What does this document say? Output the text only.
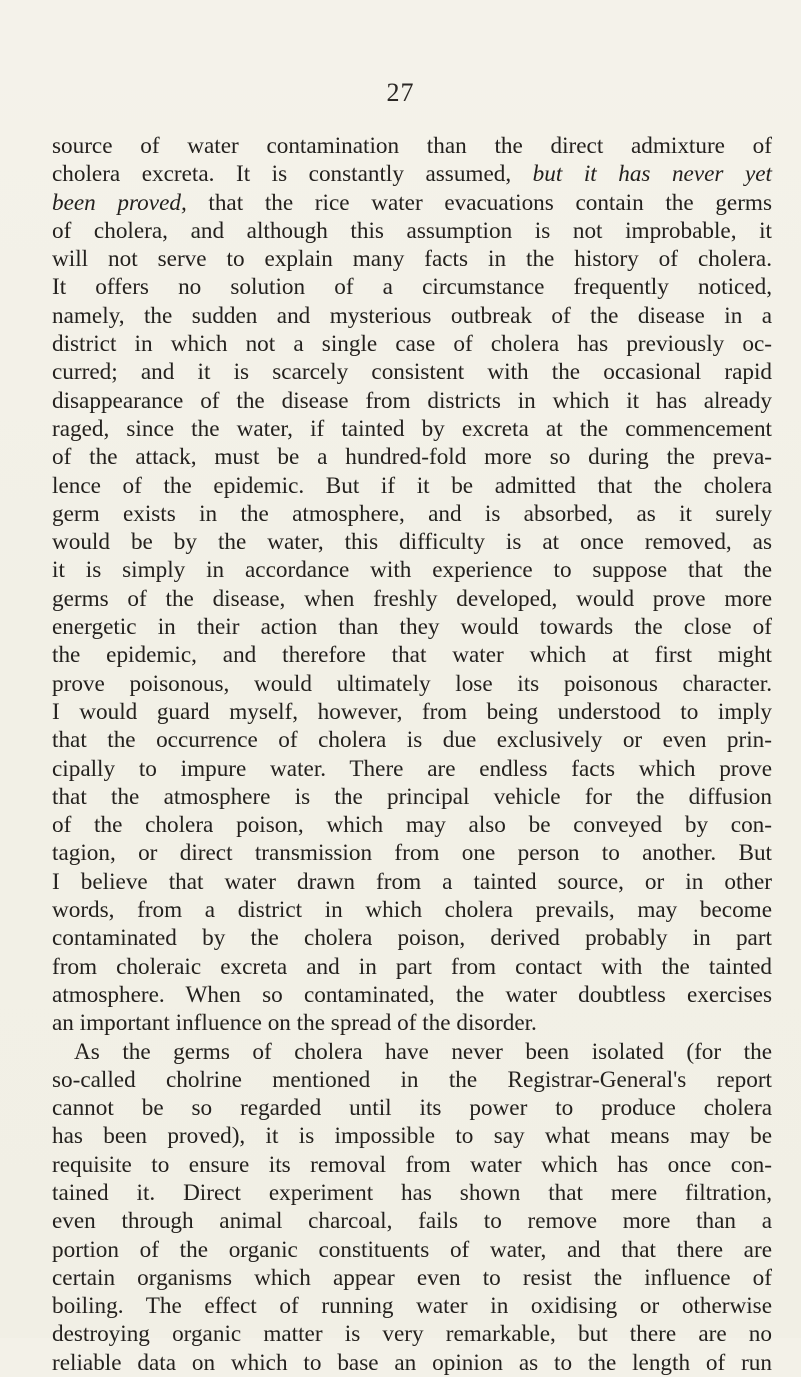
27
source of water contamination than the direct admixture of
cholera excreta. It is constantly assumed, but it has never yet
been proved, that the rice water evacuations contain the germs
of cholera, and although this assumption is not improbable, it
will not serve to explain many facts in the history of cholera.
It offers no solution of a circumstance frequently noticed,
namely, the sudden and mysterious outbreak of the disease in a
district in which not a single case of cholera has previously oc-
curred; and it is scarcely consistent with the occasional rapid
disappearance of the disease from districts in which it has already
raged, since the water, if tainted by excreta at the commencement
of the attack, must be a hundred-fold more so during the preva-
lence of the epidemic. But if it be admitted that the cholera
germ exists in the atmosphere, and is absorbed, as it surely
would be by the water, this difficulty is at once removed, as
it is simply in accordance with experience to suppose that the
germs of the disease, when freshly developed, would prove more
energetic in their action than they would towards the close of
the epidemic, and therefore that water which at first might
prove poisonous, would ultimately lose its poisonous character.
I would guard myself, however, from being understood to imply
that the occurrence of cholera is due exclusively or even prin-
cipally to impure water. There are endless facts which prove
that the atmosphere is the principal vehicle for the diffusion
of the cholera poison, which may also be conveyed by con-
tagion, or direct transmission from one person to another. But
I believe that water drawn from a tainted source, or in other
words, from a district in which cholera prevails, may become
contaminated by the cholera poison, derived probably in part
from choleraic excreta and in part from contact with the tainted
atmosphere. When so contaminated, the water doubtless exercises
an important influence on the spread of the disorder.
As the germs of cholera have never been isolated (for the
so-called cholrine mentioned in the Registrar-General's report
cannot be so regarded until its power to produce cholera
has been proved), it is impossible to say what means may be
requisite to ensure its removal from water which has once con-
tained it. Direct experiment has shown that mere filtration,
even through animal charcoal, fails to remove more than a
portion of the organic constituents of water, and that there are
certain organisms which appear even to resist the influence of
boiling. The effect of running water in oxidising or otherwise
destroying organic matter is very remarkable, but there are no
reliable data on which to base an opinion as to the length of run
